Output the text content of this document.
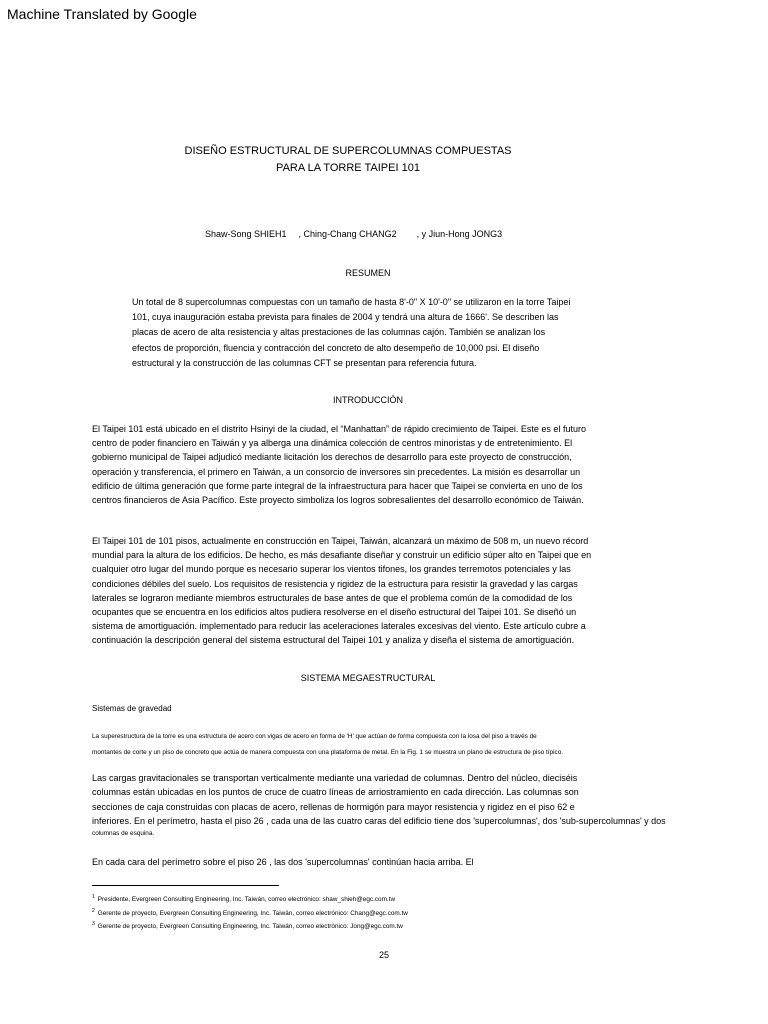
Machine Translated by Google
DISEÑO ESTRUCTURAL DE SUPERCOLUMNAS COMPUESTAS
PARA LA TORRE TAIPEI 101
Shaw-Song SHIEH1 , Ching-Chang CHANG2 , y Jiun-Hong JONG3
RESUMEN
Un total de 8 supercolumnas compuestas con un tamaño de hasta 8'-0" X 10'-0" se utilizaron en la torre Taipei
101, cuya inauguración estaba prevista para finales de 2004 y tendrá una altura de 1666'. Se describen las
placas de acero de alta resistencia y altas prestaciones de las columnas cajón. También se analizan los
efectos de proporción, fluencia y contracción del concreto de alto desempeño de 10,000 psi. El diseño
estructural y la construcción de las columnas CFT se presentan para referencia futura.
INTRODUCCIÓN
El Taipei 101 está ubicado en el distrito Hsinyi de la ciudad, el “Manhattan” de rápido crecimiento de Taipei. Este es el futuro
centro de poder financiero en Taiwán y ya alberga una dinámica colección de centros minoristas y de entretenimiento. El
gobierno municipal de Taipei adjudicó mediante licitación los derechos de desarrollo para este proyecto de construcción,
operación y transferencia, el primero en Taiwán, a un consorcio de inversores sin precedentes. La misión es desarrollar un
edificio de última generación que forme parte integral de la infraestructura para hacer que Taipei se convierta en uno de los
centros financieros de Asia Pacífico. Este proyecto simboliza los logros sobresalientes del desarrollo económico de Taiwán.
El Taipei 101 de 101 pisos, actualmente en construcción en Taipei, Taiwán, alcanzará un máximo de 508 m, un nuevo récord
mundial para la altura de los edificios. De hecho, es más desafiante diseñar y construir un edificio súper alto en Taipei que en
cualquier otro lugar del mundo porque es necesario superar los vientos tifones, los grandes terremotos potenciales y las
condiciones débiles del suelo. Los requisitos de resistencia y rigidez de la estructura para resistir la gravedad y las cargas
laterales se lograron mediante miembros estructurales de base antes de que el problema común de la comodidad de los
ocupantes que se encuentra en los edificios altos pudiera resolverse en el diseño estructural del Taipei 101. Se diseñó un
sistema de amortiguación. implementado para reducir las aceleraciones laterales excesivas del viento. Este artículo cubre a
continuación la descripción general del sistema estructural del Taipei 101 y analiza y diseña el sistema de amortiguación.
SISTEMA MEGAESTRUCTURAL
Sistemas de gravedad
La superestructura de la torre es una estructura de acero con vigas de acero en forma de 'H' que actúan de forma compuesta con la losa del piso a través de
montantes de corte y un piso de concreto que actúa de manera compuesta con una plataforma de metal. En la Fig. 1 se muestra un plano de estructura de piso típico.
Las cargas gravitacionales se transportan verticalmente mediante una variedad de columnas. Dentro del núcleo, dieciséis
columnas están ubicadas en los puntos de cruce de cuatro líneas de arriostramiento en cada dirección. Las columnas son
secciones de caja construidas con placas de acero, rellenas de hormigón para mayor resistencia y rigidez en el piso 62 e
inferiores. En el perímetro, hasta el piso 26 , cada una de las cuatro caras del edificio tiene dos 'supercolumnas', dos 'sub-supercolumnas' y dos
columnas de esquina.
En cada cara del perímetro sobre el piso 26 , las dos 'supercolumnas' continúan hacia arriba. El
$^1$ Presidente, Evergreen Consulting Engineering, Inc. Taiwán, correo electrónico: shaw_shieh@egc.com.tw
$^2$ Gerente de proyecto, Evergreen Consulting Engineering, Inc. Taiwán, correo electrónico: Chang@egc.com.tw
$^3$ Gerente de proyecto, Evergreen Consulting Engineering, Inc. Taiwán, correo electrónico: Jong@egc.com.tw
25
